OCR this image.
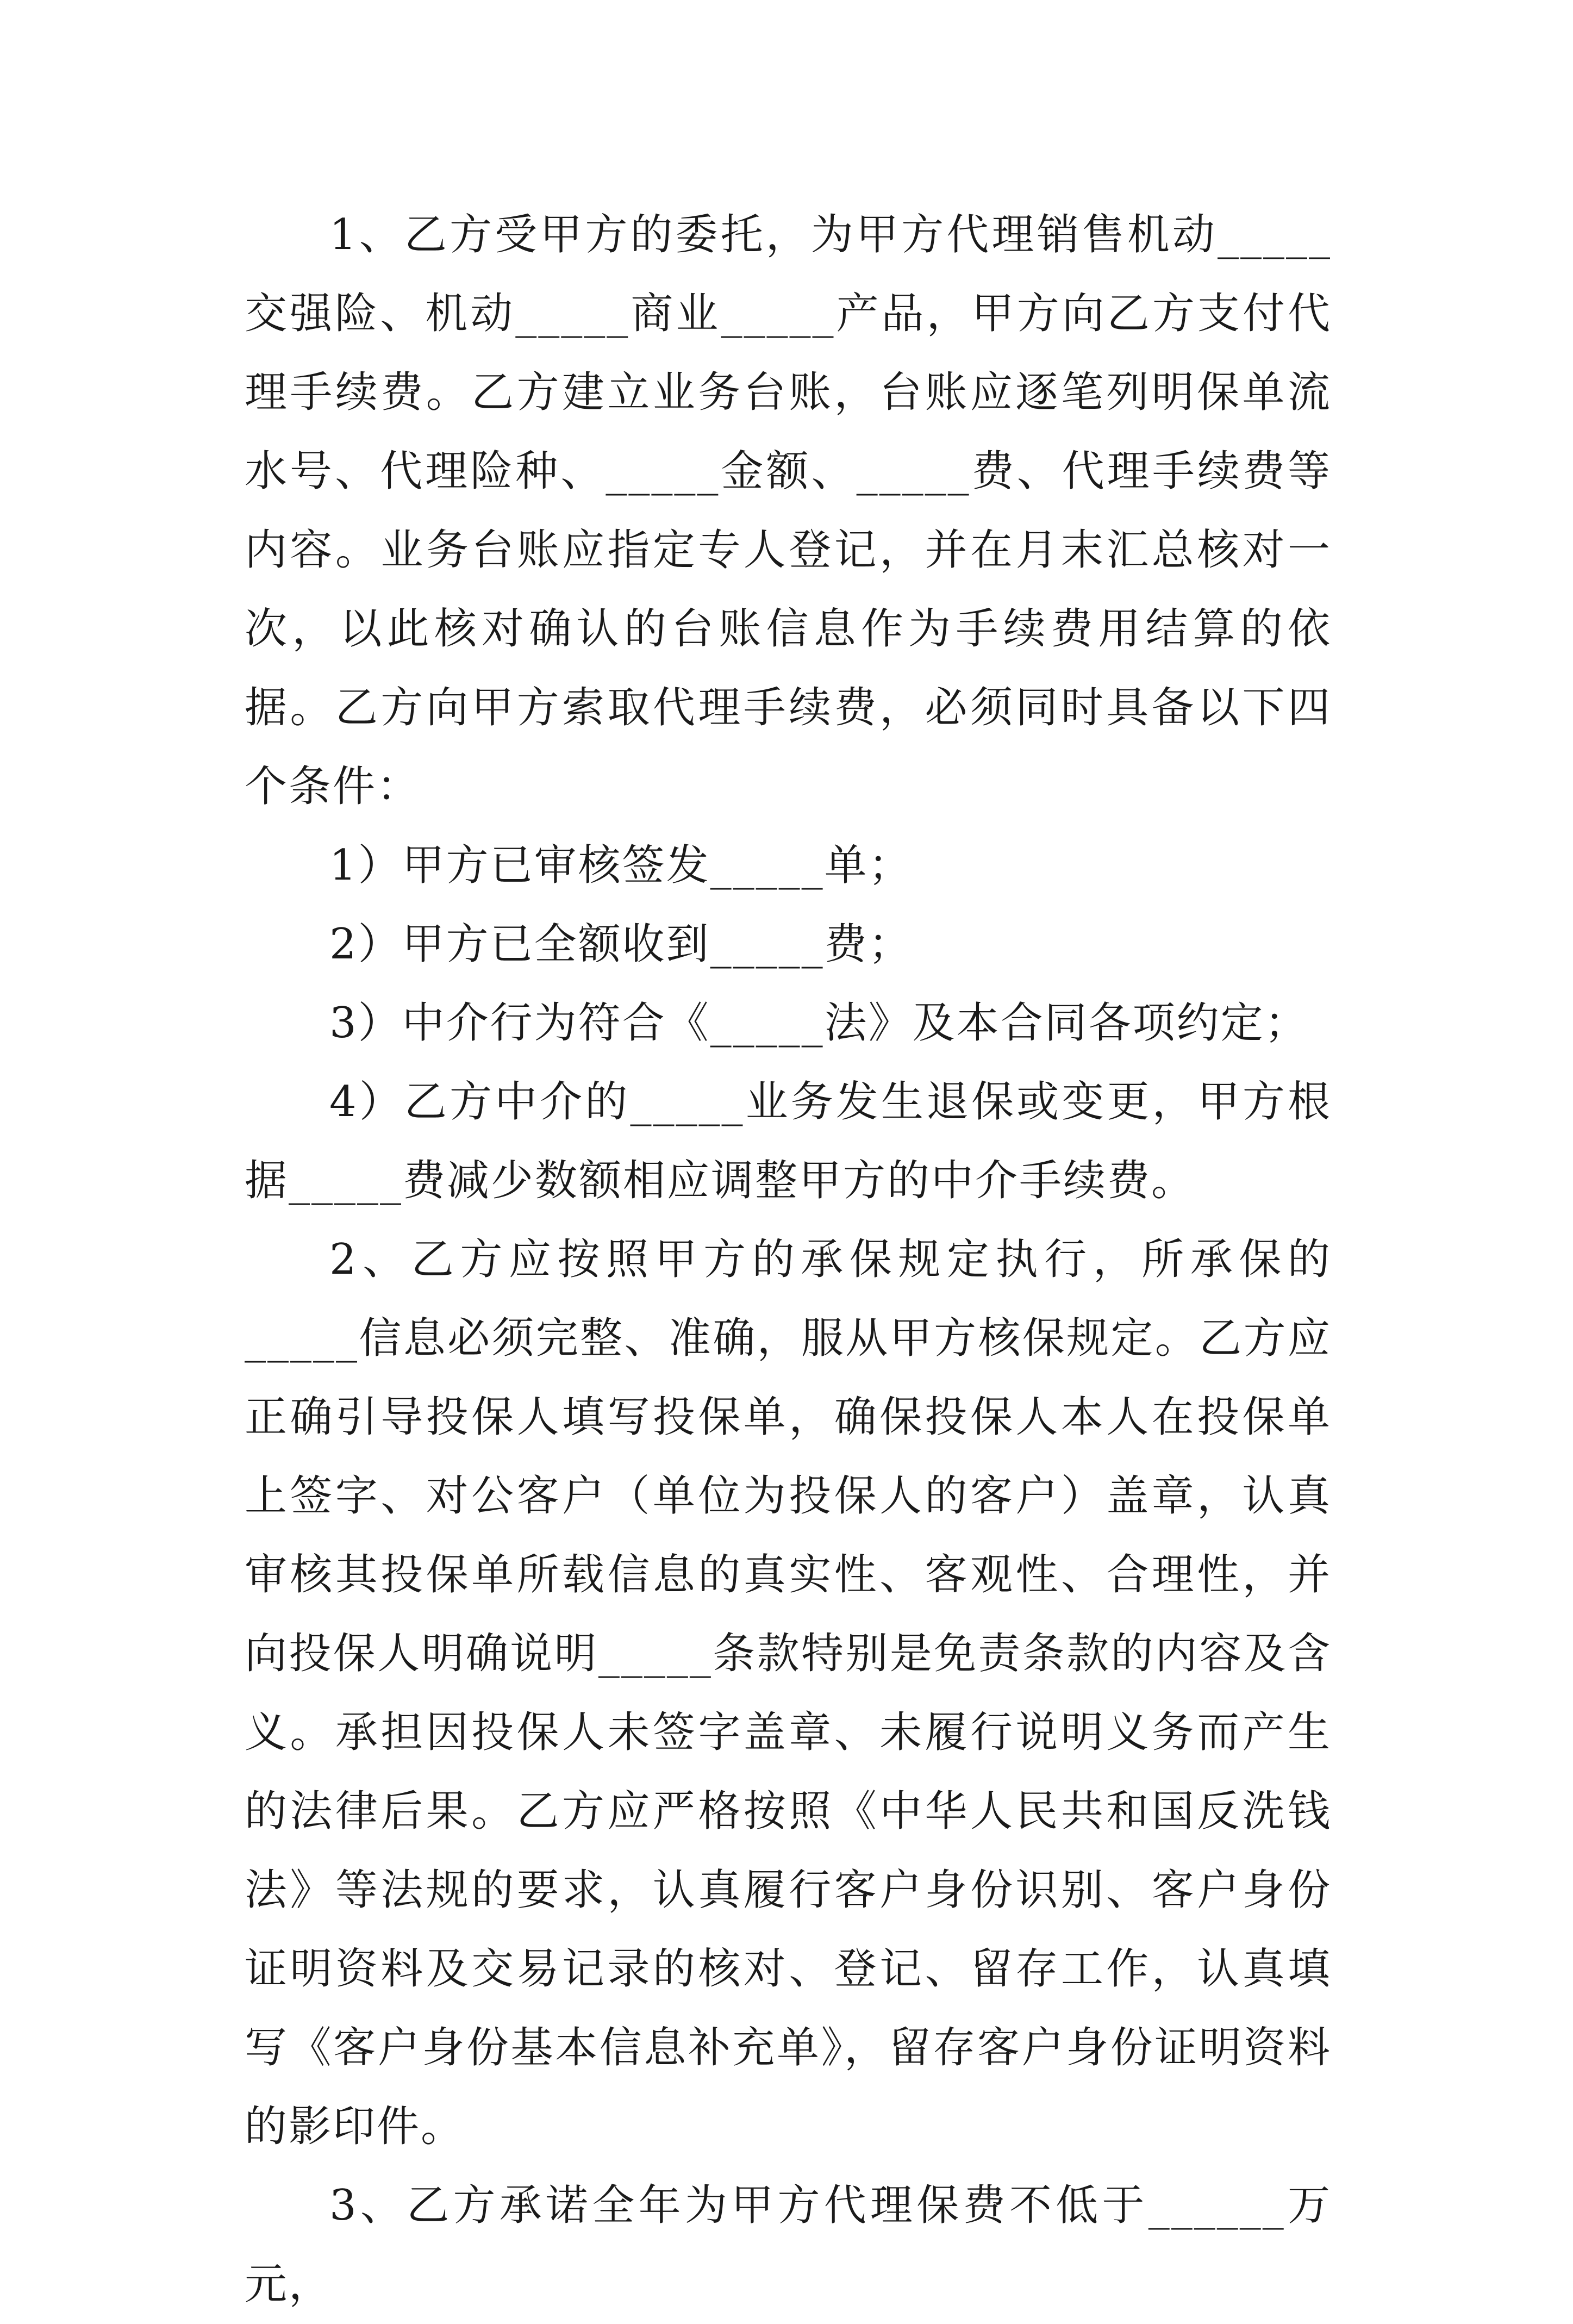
1、乙方受甲方的委托，为甲方代理销售机动_____交强险、机动_____商业_____产品，甲方向乙方支付代理手续费。乙方建立业务台账，台账应逐笔列明保单流水号、代理险种、_____金额、_____费、代理手续费等内容。业务台账应指定专人登记，并在月末汇总核对一次，以此核对确认的台账信息作为手续费用结算的依据。乙方向甲方索取代理手续费，必须同时具备以下四个条件：

1）甲方已审核签发_____单；

2）甲方已全额收到_____费；

3）中介行为符合《_____法》及本合同各项约定；

4）乙方中介的_____业务发生退保或变更，甲方根据_____费减少数额相应调整甲方的中介手续费。

2、乙方应按照甲方的承保规定执行，所承保的_____信息必须完整、准确，服从甲方核保规定。乙方应正确引导投保人填写投保单，确保投保人本人在投保单上签字、对公客户（单位为投保人的客户）盖章，认真审核其投保单所载信息的真实性、客观性、合理性，并向投保人明确说明_____条款特别是免责条款的内容及含义。承担因投保人未签字盖章、未履行说明义务而产生的法律后果。乙方应严格按照《中华人民共和国反洗钱法》等法规的要求，认真履行客户身份识别、客户身份证明资料及交易记录的核对、登记、留存工作，认真填写《客户身份基本信息补充单》，留存客户身份证明资料的影印件。

3、乙方承诺全年为甲方代理保费不低于______万元，
